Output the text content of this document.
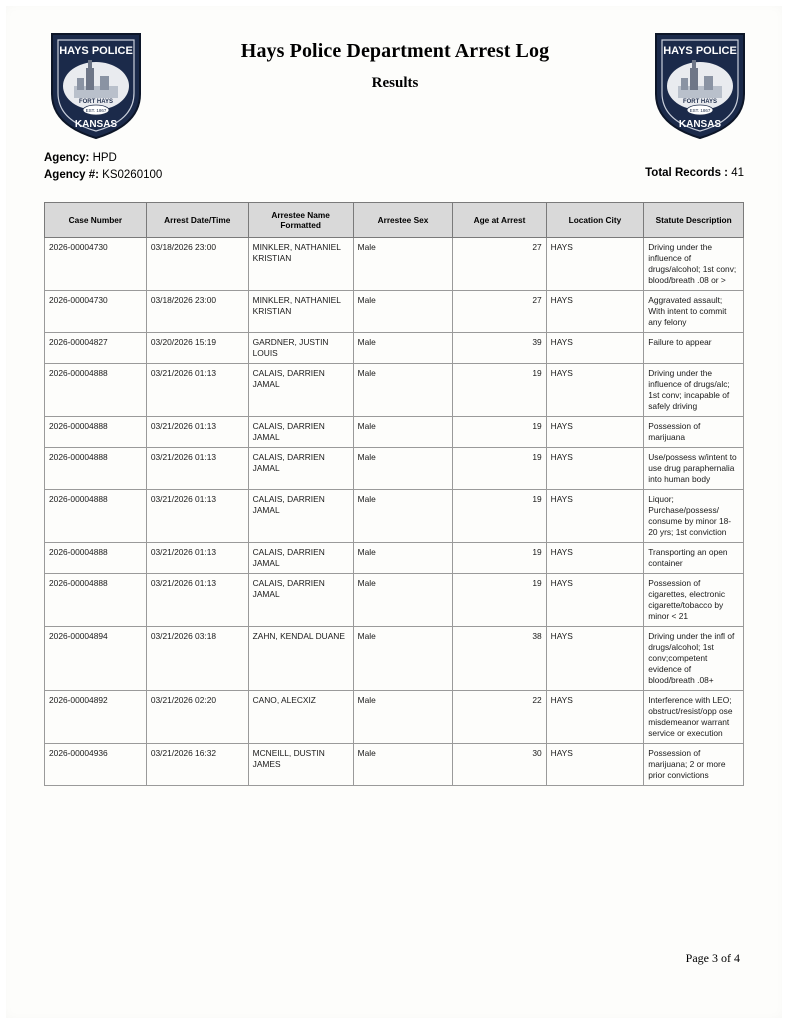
HAYS POLICE
FORT HAYS
EST. 1867
KANSAS
HAYS POLICE
FORT HAYS
EST. 1867
KANSAS
Hays Police Department Arrest Log
Results
Agency: HPD
Agency #: KS0260100	Total Records : 41
Case Number	Arrest Date/Time	Arrestee Name Formatted	Arrestee Sex	Age at Arrest	Location City	Statute Description
2026-00004730	03/18/2026 23:00	MINKLER, NATHANIEL KRISTIAN	Male	27	HAYS	Driving under the influence of drugs/alcohol; 1st conv; blood/breath .08 or >
2026-00004730	03/18/2026 23:00	MINKLER, NATHANIEL KRISTIAN	Male	27	HAYS	Aggravated assault; With intent to commit any felony
2026-00004827	03/20/2026 15:19	GARDNER, JUSTIN LOUIS	Male	39	HAYS	Failure to appear
2026-00004888	03/21/2026 01:13	CALAIS, DARRIEN JAMAL	Male	19	HAYS	Driving under the influence of drugs/alc; 1st conv; incapable of safely driving
2026-00004888	03/21/2026 01:13	CALAIS, DARRIEN JAMAL	Male	19	HAYS	Possession of marijuana
2026-00004888	03/21/2026 01:13	CALAIS, DARRIEN JAMAL	Male	19	HAYS	Use/possess w/intent to use drug paraphernalia into human body
2026-00004888	03/21/2026 01:13	CALAIS, DARRIEN JAMAL	Male	19	HAYS	Liquor; Purchase/possess/ consume by minor 18-20 yrs; 1st conviction
2026-00004888	03/21/2026 01:13	CALAIS, DARRIEN JAMAL	Male	19	HAYS	Transporting an open container
2026-00004888	03/21/2026 01:13	CALAIS, DARRIEN JAMAL	Male	19	HAYS	Possession of cigarettes, electronic cigarette/tobacco by minor < 21
2026-00004894	03/21/2026 03:18	ZAHN, KENDAL DUANE	Male	38	HAYS	Driving under the infl of drugs/alcohol; 1st conv;competent evidence of blood/breath .08+
2026-00004892	03/21/2026 02:20	CANO, ALECXIZ	Male	22	HAYS	Interference with LEO; obstruct/resist/opp ose misdemeanor warrant service or execution
2026-00004936	03/21/2026 16:32	MCNEILL, DUSTIN JAMES	Male	30	HAYS	Possession of marijuana; 2 or more prior convictions
Page 3 of 4
